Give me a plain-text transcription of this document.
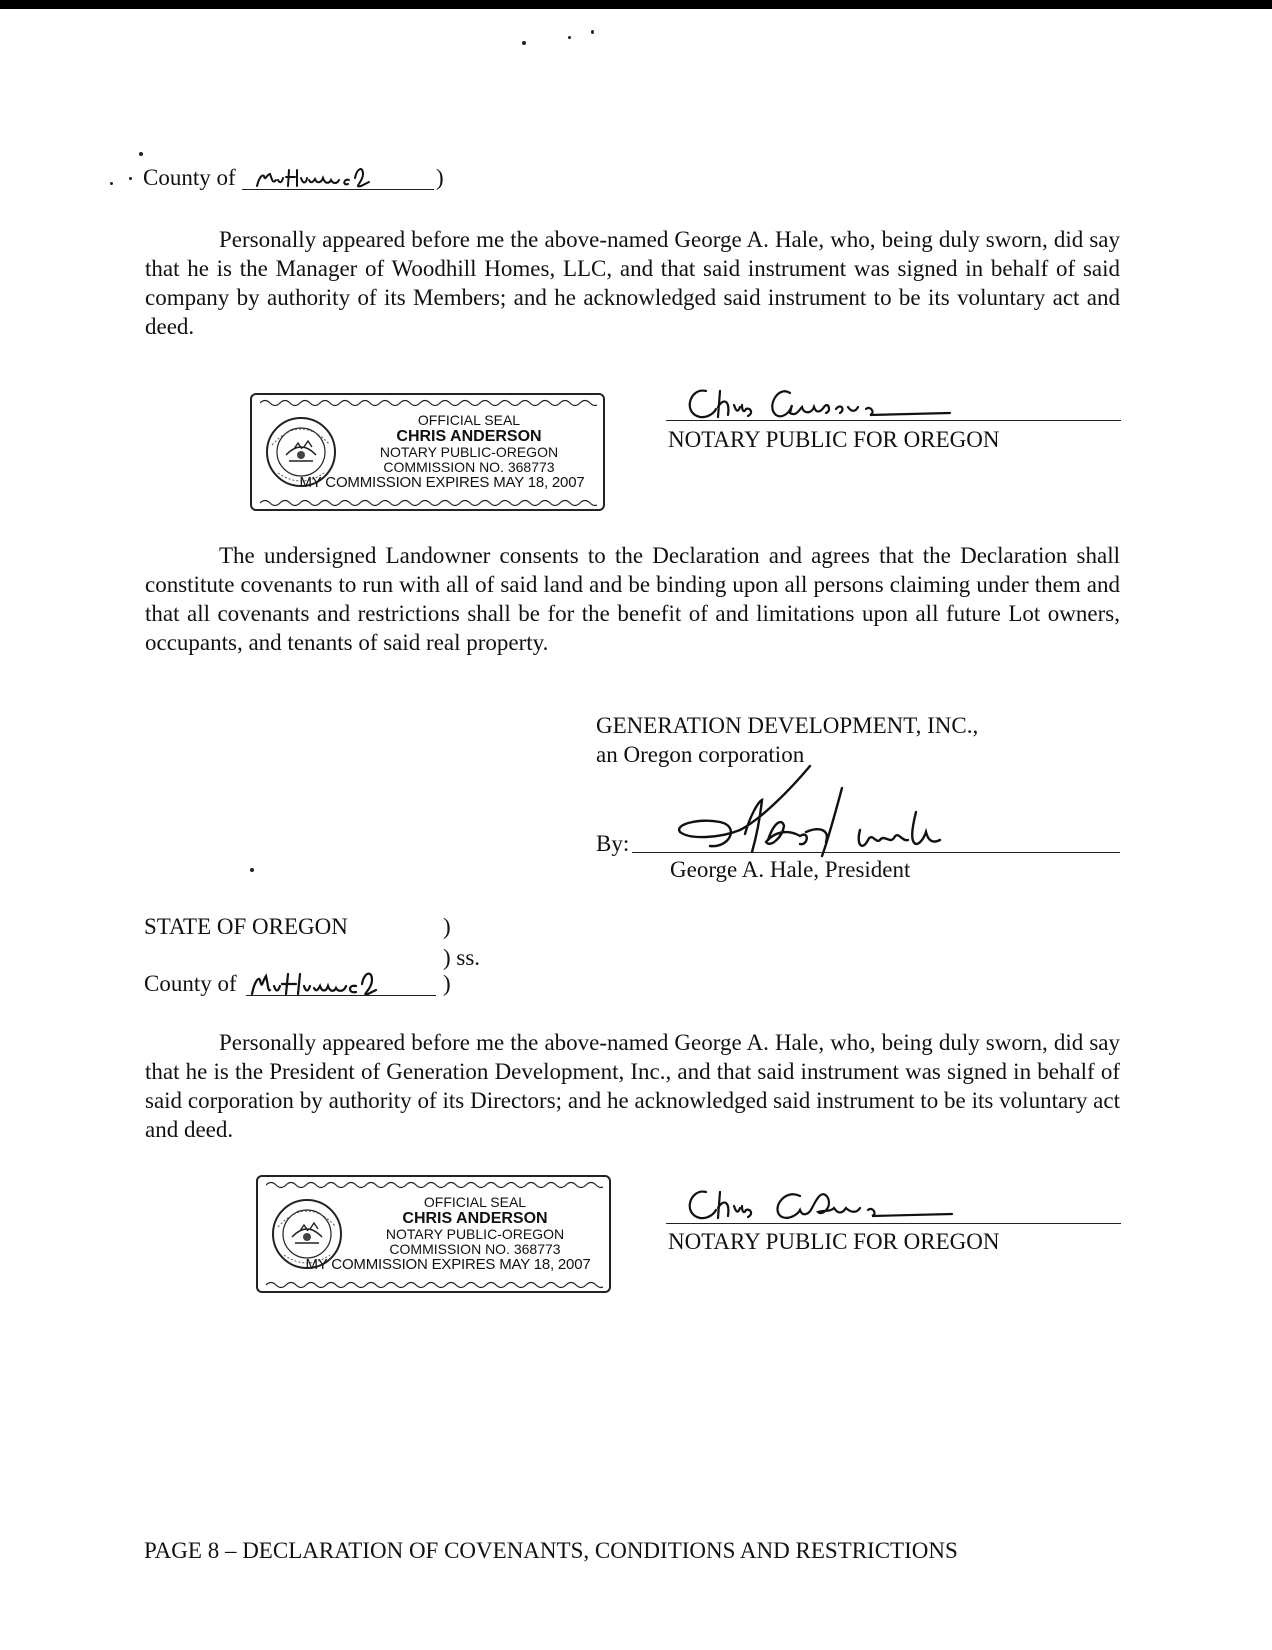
County of	)

Personally appeared before me the above-named George A. Hale, who, being duly sworn, did say that he is the Manager of Woodhill Homes, LLC, and that said instrument was signed in behalf of said company by authority of its Members; and he acknowledged said instrument to be its voluntary act and deed.

OFFICIAL SEAL
CHRIS ANDERSON
NOTARY PUBLIC-OREGON
COMMISSION NO. 368773
MY COMMISSION EXPIRES MAY 18, 2007
NOTARY PUBLIC FOR OREGON

The undersigned Landowner consents to the Declaration and agrees that the Declaration shall constitute covenants to run with all of said land and be binding upon all persons claiming under them and that all covenants and restrictions shall be for the benefit of and limitations upon all future Lot owners, occupants, and tenants of said real property.

GENERATION DEVELOPMENT, INC.,
an Oregon corporation
By:
George A. Hale, President
STATE OF OREGON	)
) ss.
County of	)

Personally appeared before me the above-named George A. Hale, who, being duly sworn, did say that he is the President of Generation Development, Inc., and that said instrument was signed in behalf of said corporation by authority of its Directors; and he acknowledged said instrument to be its voluntary act and deed.

OFFICIAL SEAL
CHRIS ANDERSON
NOTARY PUBLIC-OREGON
COMMISSION NO. 368773
MY COMMISSION EXPIRES MAY 18, 2007
NOTARY PUBLIC FOR OREGON
PAGE 8 – DECLARATION OF COVENANTS, CONDITIONS AND RESTRICTIONS
